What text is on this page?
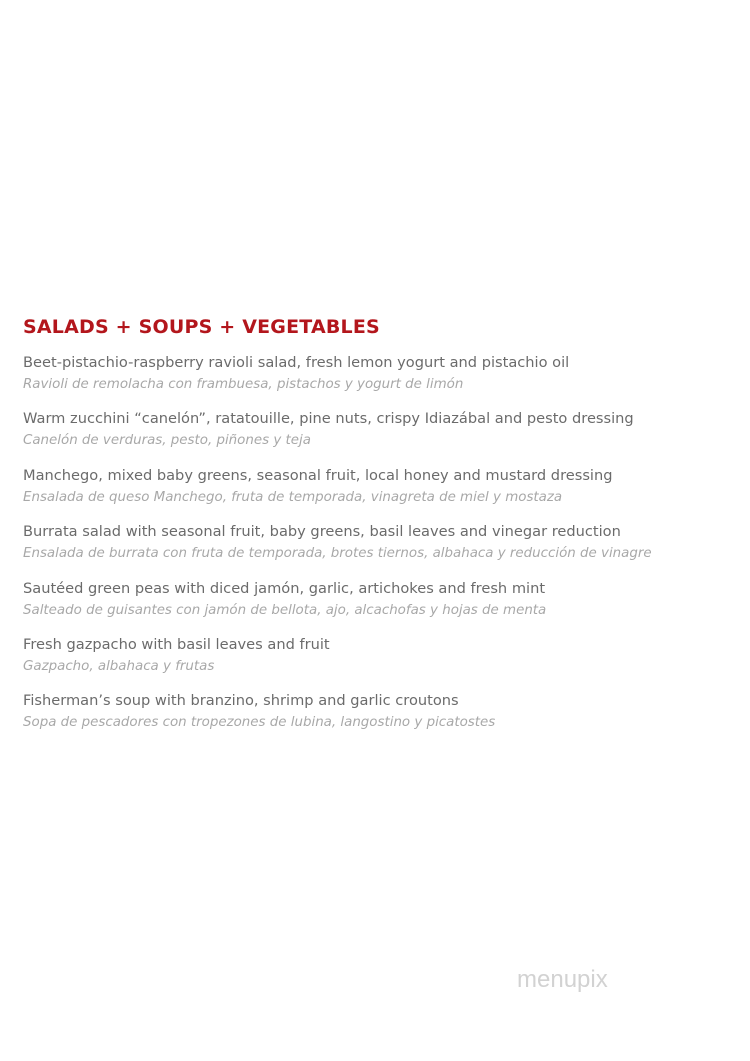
SALADS + SOUPS + VEGETABLES
Beet-pistachio-raspberry ravioli salad, fresh lemon yogurt and pistachio oil
Ravioli de remolacha con frambuesa, pistachos y yogurt de limón
Warm zucchini “canelón”, ratatouille, pine nuts, crispy Idiazábal and pesto dressing
Canelón de verduras, pesto, piñones y teja
Manchego, mixed baby greens, seasonal fruit, local honey and mustard dressing
Ensalada de queso Manchego, fruta de temporada, vinagreta de miel y mostaza
Burrata salad with seasonal fruit, baby greens, basil leaves and vinegar reduction
Ensalada de burrata con fruta de temporada, brotes tiernos, albahaca y reducción de vinagre
Sautéed green peas with diced jamón, garlic, artichokes and fresh mint
Salteado de guisantes con jamón de bellota, ajo, alcachofas y hojas de menta
Fresh gazpacho with basil leaves and fruit
Gazpacho, albahaca y frutas
Fisherman’s soup with branzino, shrimp and garlic croutons
Sopa de pescadores con tropezones de lubina, langostino y picatostes
menupix
